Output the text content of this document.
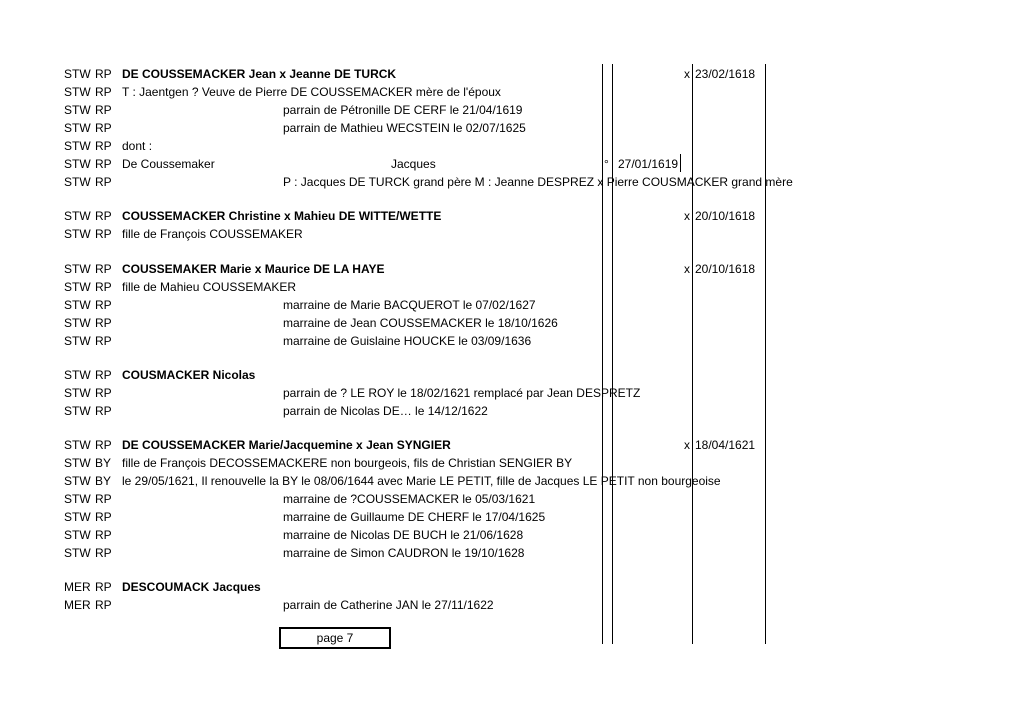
STW RP DE COUSSEMACKER Jean x Jeanne DE TURCK	x 23/02/1618
STW RP T : Jaentgen ? Veuve de Pierre DE COUSSEMACKER mère de l'époux
STW RP	parrain de Pétronille DE CERF le 21/04/1619
STW RP	parrain de Mathieu WECSTEIN le 02/07/1625
STW RP dont :
STW RP De Coussemaker	Jacques	° 27/01/1619
STW RP	P : Jacques DE TURCK grand père M : Jeanne DESPREZ x Pierre COUSMACKER grand mère
STW RP COUSSEMACKER Christine x Mahieu DE WITTE/WETTE	x 20/10/1618
STW RP fille de François COUSSEMAKER
STW RP COUSSEMAKER Marie x Maurice DE LA HAYE	x 20/10/1618
STW RP fille de Mahieu COUSSEMAKER
STW RP	marraine de Marie BACQUEROT le 07/02/1627
STW RP	marraine de Jean COUSSEMACKER le 18/10/1626
STW RP	marraine de Guislaine HOUCKE le 03/09/1636
STW RP COUSMACKER Nicolas
STW RP	parrain de ? LE ROY le 18/02/1621 remplacé par Jean DESPRETZ
STW RP	parrain de Nicolas DE… le 14/12/1622
STW RP DE COUSSEMACKER Marie/Jacquemine x Jean SYNGIER	x 18/04/1621
STW BY fille de François DECOSSEMACKERE non bourgeois, fils de Christian SENGIER BY
STW BY le 29/05/1621, Il renouvelle la BY le 08/06/1644 avec Marie LE PETIT, fille de Jacques LE PETIT non bourgeoise
STW RP	marraine de ?COUSSEMACKER le 05/03/1621
STW RP	marraine de Guillaume DE CHERF le 17/04/1625
STW RP	marraine de Nicolas DE BUCH le 21/06/1628
STW RP	marraine de Simon CAUDRON le 19/10/1628
MER RP DESCOUMACK Jacques
MER RP	parrain de Catherine JAN le 27/11/1622
page 7
